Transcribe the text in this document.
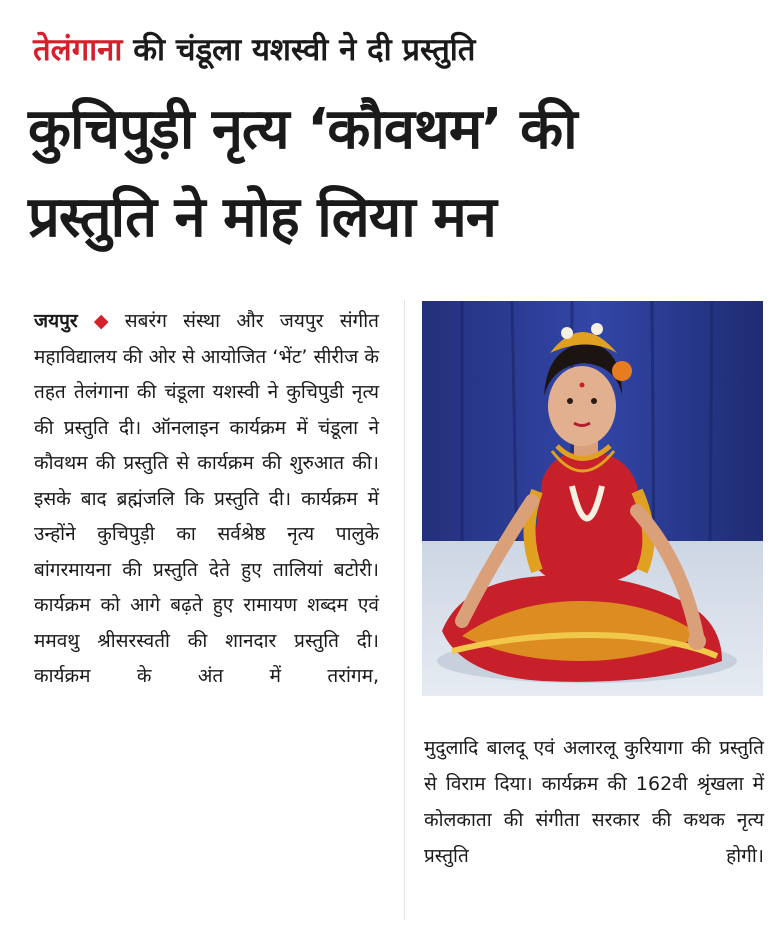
तेलंगाना की चंडूला यशस्वी ने दी प्रस्तुति
कुचिपुड़ी नृत्य ‘कौवथम’ की
प्रस्तुति ने मोह लिया मन

जयपुर ◆ सबरंग संस्था और जयपुर संगीत महाविद्यालय की ओर से आयोजित ‘भेंट’ सीरीज के तहत तेलंगाना की चंडूला यशस्वी ने कुचिपुडी नृत्य की प्रस्तुति दी। ऑनलाइन कार्यक्रम में चंडूला ने कौवथम की प्रस्तुति से कार्यक्रम की शुरुआत की। इसके बाद ब्रह्मंजलि कि प्रस्तुति दी। कार्यक्रम में उन्होंने कुचिपुड़ी का सर्वश्रेष्ठ नृत्य पालुके बांगरमायना की प्रस्तुति देते हुए तालियां बटोरी। कार्यक्रम को आगे बढ़ते हुए रामायण शब्दम एवं ममवथु श्रीसरस्वती की शानदार प्रस्तुति दी। कार्यक्रम के अंत में तरांगम,

मुदुलादि बालदू एवं अलारलू कुरियागा की प्रस्तुति से विराम दिया। कार्यक्रम की 162वी श्रृंखला में कोलकाता की संगीता सरकार की कथक नृत्य प्रस्तुति होगी।
